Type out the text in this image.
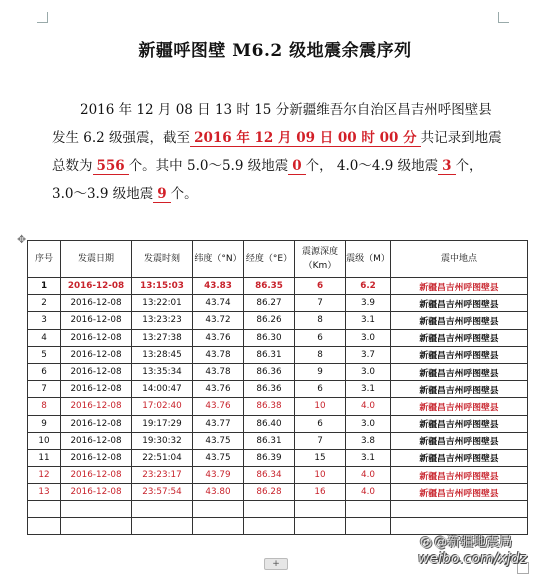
新疆呼图壁 M6.2 级地震余震序列
2016 年 12 月 08 日 13 时 15 分新疆维吾尔自治区昌吉州呼图壁县发生 6.2 级强震，截至 2016 年 12 月 09 日 00 时 00 分 共记录到地震总数为 556 个。其中 5.0～5.9 级地震 0 个， 4.0～4.9 级地震 3 个，3.0～3.9 级地震 9 个。
✥
序号	发震日期	发震时刻	纬度（°N）	经度（°E）	震源深度（Km）	震级（M）	震中地点
1	2016-12-08	13:15:03	43.83	86.35	6	6.2	新疆昌吉州呼图壁县
2	2016-12-08	13:22:01	43.74	86.27	7	3.9	新疆昌吉州呼图壁县
3	2016-12-08	13:23:23	43.72	86.26	8	3.1	新疆昌吉州呼图壁县
4	2016-12-08	13:27:38	43.76	86.30	6	3.0	新疆昌吉州呼图壁县
5	2016-12-08	13:28:45	43.78	86.31	8	3.7	新疆昌吉州呼图壁县
6	2016-12-08	13:35:34	43.78	86.36	9	3.0	新疆昌吉州呼图壁县
7	2016-12-08	14:00:47	43.76	86.36	6	3.1	新疆昌吉州呼图壁县
8	2016-12-08	17:02:40	43.76	86.38	10	4.0	新疆昌吉州呼图壁县
9	2016-12-08	19:17:29	43.77	86.40	6	3.0	新疆昌吉州呼图壁县
10	2016-12-08	19:30:32	43.75	86.31	7	3.8	新疆昌吉州呼图壁县
11	2016-12-08	22:51:04	43.75	86.39	15	3.1	新疆昌吉州呼图壁县
12	2016-12-08	23:23:17	43.79	86.34	10	4.0	新疆昌吉州呼图壁县
13	2016-12-08	23:57:54	43.80	86.28	16	4.0	新疆昌吉州呼图壁县

+
◎ @新疆地震局
weibo.com/xjdz
